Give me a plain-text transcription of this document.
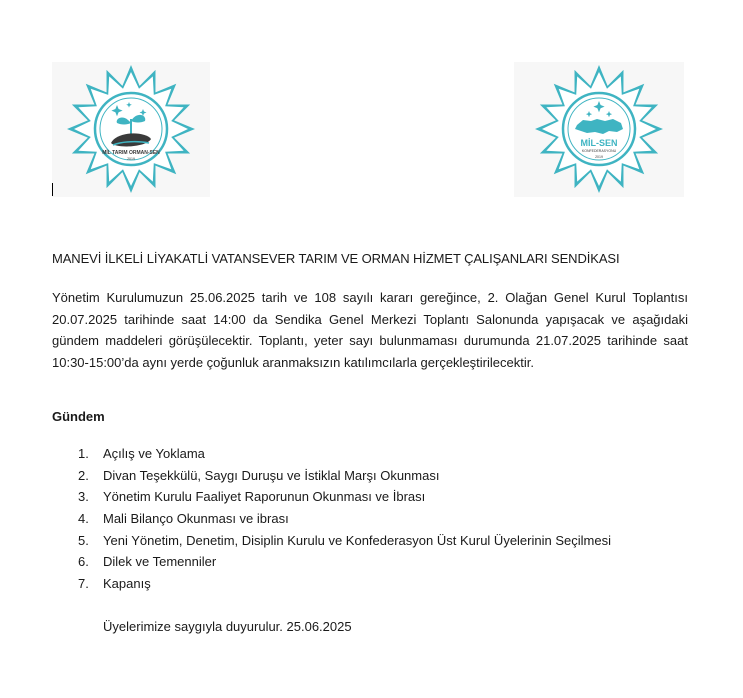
MİL TARIM ORMAN-SEN
2019
MİL-SEN
KONFEDERASYONU
2019
MANEVİ İLKELİ LİYAKATLİ VATANSEVER TARIM VE ORMAN HİZMET ÇALIŞANLARI SENDİKASI
Yönetim Kurulumuzun 25.06.2025 tarih ve 108 sayılı kararı gereğince, 2. Olağan Genel Kurul Toplantısı 20.07.2025 tarihinde saat 14:00 da Sendika Genel Merkezi Toplantı Salonunda yapışacak ve aşağıdaki gündem maddeleri görüşülecektir. Toplantı, yeter sayı bulunmaması durumunda 21.07.2025 tarihinde saat 10:30-15:00’da aynı yerde çoğunluk aranmaksızın katılımcılarla gerçekleştirilecektir.
Gündem
1. Açılış ve Yoklama
2. Divan Teşekkülü, Saygı Duruşu ve İstiklal Marşı Okunması
3. Yönetim Kurulu Faaliyet Raporunun Okunması ve İbrası
4. Mali Bilanço Okunması ve ibrası
5. Yeni Yönetim, Denetim, Disiplin Kurulu ve Konfederasyon Üst Kurul Üyelerinin Seçilmesi
6. Dilek ve Temenniler
7. Kapanış
Üyelerimize saygıyla duyurulur. 25.06.2025
